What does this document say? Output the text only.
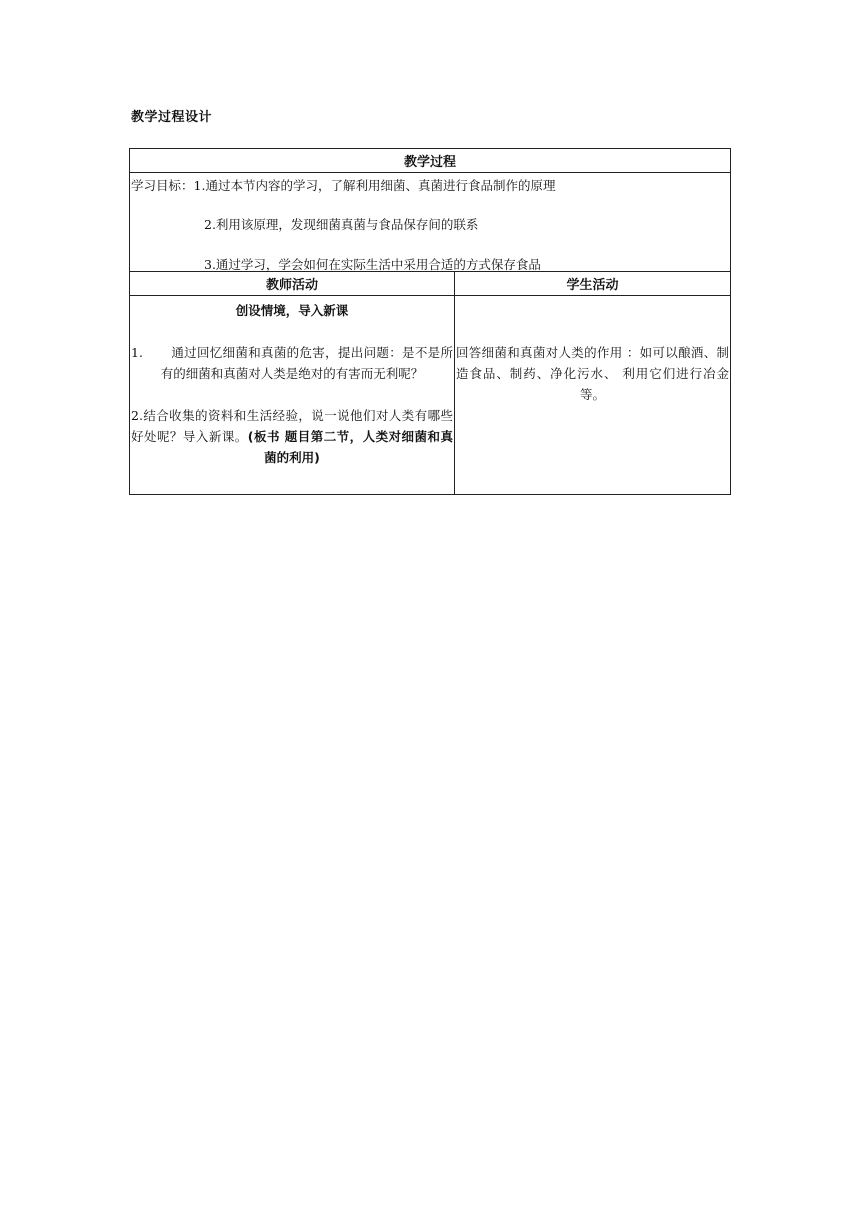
教学过程设计
教学过程	

学习目标：1.通过本节内容的学习，了解利用细菌、真菌进行食品制作的原理
2.利用该原理，发现细菌真菌与食品保存间的联系
3.通过学习，学会如何在实际生活中采用合适的方式保存食品	

教师活动	学生活动

创设情境，导入新课
1. 通过回忆细菌和真菌的危害，提出问题：是不是所有的细菌和真菌对人类是绝对的有害而无利呢？
2.结合收集的资料和生活经验，说一说他们对人类有哪些好处呢？导入新课。(板书 题目第二节，人类对细菌和真菌的利用)	回答细菌和真菌对人类的作用 ：如可以酿酒、制造食品、制药、净化污水、 利用它们进行冶金等。
